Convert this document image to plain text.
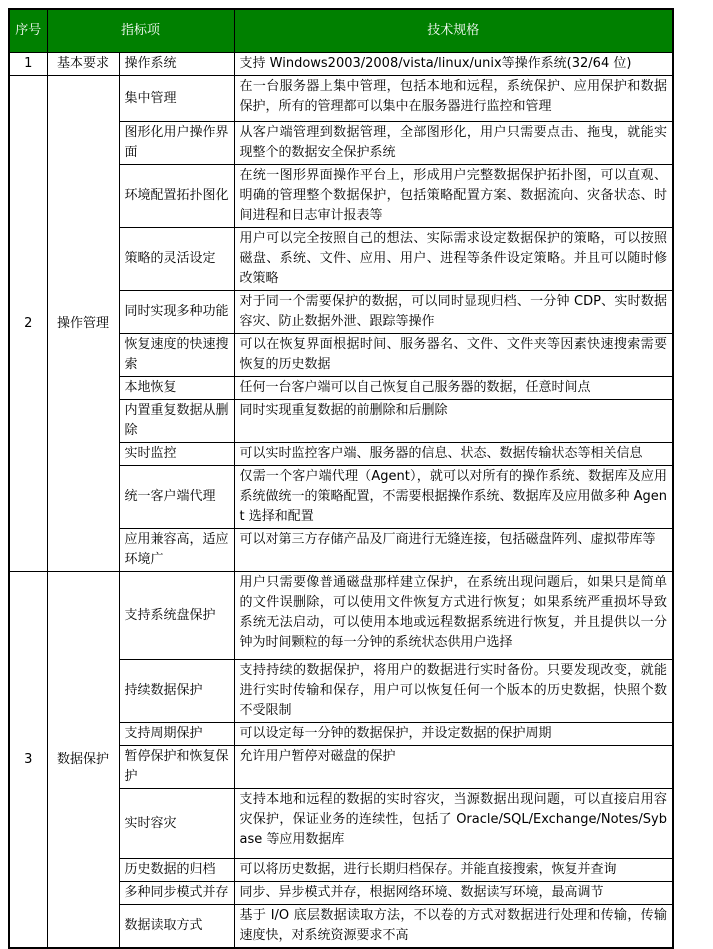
序号	指标项		技术规格
1	基本要求	操作系统	支持 Windows2003/2008/vista/linux/unix等操作系统(32/64 位)
2	操作管理	集中管理	在一台服务器上集中管理，包括本地和远程，系统保护、应用保护和数据保护，所有的管理都可以集中在服务器进行监控和管理
		图形化用户操作界面	从客户端管理到数据管理，全部图形化，用户只需要点击、拖曳，就能实现整个的数据安全保护系统
		环境配置拓扑图化	在统一图形界面操作平台上，形成用户完整数据保护拓扑图，可以直观、明确的管理整个数据保护，包括策略配置方案、数据流向、灾备状态、时间进程和日志审计报表等
		策略的灵活设定	用户可以完全按照自己的想法、实际需求设定数据保护的策略，可以按照磁盘、系统、文件、应用、用户、进程等条件设定策略。并且可以随时修改策略
		同时实现多种功能	对于同一个需要保护的数据，可以同时显现归档、一分钟 CDP、实时数据容灾、防止数据外泄、跟踪等操作
		恢复速度的快速搜索	可以在恢复界面根据时间、服务器名、文件、文件夹等因素快速搜索需要恢复的历史数据
		本地恢复	任何一台客户端可以自己恢复自己服务器的数据，任意时间点
		内置重复数据从删除	同时实现重复数据的前删除和后删除
		实时监控	可以实时监控客户端、服务器的信息、状态、数据传输状态等相关信息
		统一客户端代理	仅需一个客户端代理（Agent），就可以对所有的操作系统、数据库及应用系统做统一的策略配置，不需要根据操作系统、数据库及应用做多种 Agent 选择和配置
		应用兼容高，适应环境广	可以对第三方存储产品及厂商进行无缝连接，包括磁盘阵列、虚拟带库等
3	数据保护	支持系统盘保护	用户只需要像普通磁盘那样建立保护，在系统出现问题后，如果只是简单的文件误删除，可以使用文件恢复方式进行恢复；如果系统严重损坏导致系统无法启动，可以使用本地或远程数据系统进行恢复，并且提供以一分钟为时间颗粒的每一分钟的系统状态供用户选择
		持续数据保护	支持持续的数据保护，将用户的数据进行实时备份。只要发现改变，就能进行实时传输和保存，用户可以恢复任何一个版本的历史数据，快照个数不受限制
		支持周期保护	可以设定每一分钟的数据保护，并设定数据的保护周期
		暂停保护和恢复保护	允许用户暂停对磁盘的保护
		实时容灾	支持本地和远程的数据的实时容灾，当源数据出现问题，可以直接启用容灾保护，保证业务的连续性，包括了 Oracle/SQL/Exchange/Notes/Sybase 等应用数据库
		历史数据的归档	可以将历史数据，进行长期归档保存。并能直接搜索，恢复并查询
		多种同步模式并存	同步、异步模式并存，根据网络环境、数据读写环境，最高调节
		数据读取方式	基于 I/O 底层数据读取方法，不以卷的方式对数据进行处理和传输，传输速度快，对系统资源要求不高
